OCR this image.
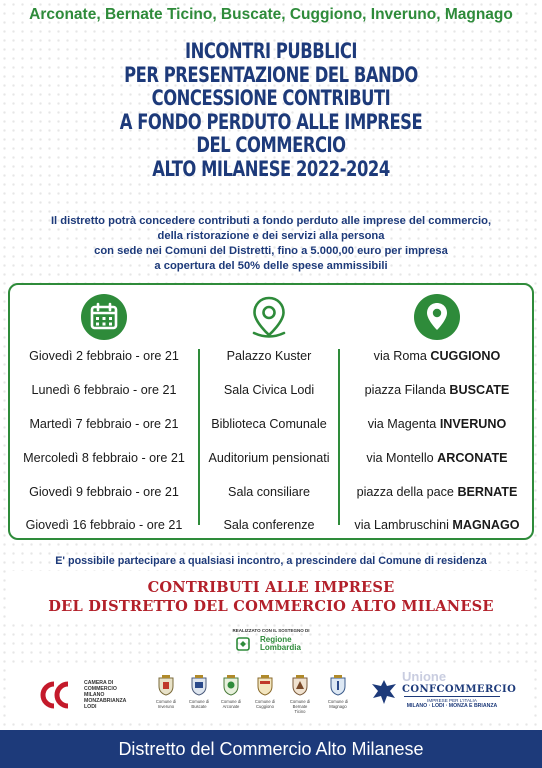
Arconate, Bernate Ticino, Buscate, Cuggiono, Inveruno, Magnago
INCONTRI PUBBLICI
PER PRESENTAZIONE DEL BANDO
CONCESSIONE CONTRIBUTI
A FONDO PERDUTO ALLE IMPRESE
DEL COMMERCIO
ALTO MILANESE 2022-2024
Il distretto potrà concedere contributi a fondo perduto alle imprese del commercio,
della ristorazione e dei servizi alla persona
con sede nei Comuni del Distretti, fino a 5.000,00 euro per impresa
a copertura del 50% delle spese ammissibili
Giovedì 2 febbraio - ore 21
Lunedì 6 febbraio - ore 21
Martedì 7 febbraio - ore 21
Mercoledì 8 febbraio - ore 21
Giovedì 9 febbraio - ore 21
Giovedì 16 febbraio - ore 21
Palazzo Kuster
Sala Civica Lodi
Biblioteca Comunale
Auditorium pensionati
Sala consiliare
Sala conferenze
via Roma CUGGIONO
piazza Filanda BUSCATE
via Magenta INVERUNO
via Montello ARCONATE
piazza della pace BERNATE
via Lambruschini MAGNAGO
E' possibile partecipare a qualsiasi incontro, a prescindere dal Comune di residenza
CONTRIBUTI ALLE IMPRESE
DEL DISTRETTO DEL COMMERCIO ALTO MILANESE
REALIZZATO CON IL SOSTEGNO DI
Regione
Lombardia
CAMERA DI
COMMERCIO
MILANO
MONZABRIANZA
LODI
Comune di
Inveruno
Comune di
Buscate
Comune di
Arconate
Comune di
Cuggiono
Comune di Bernate
Ticino
Comune di
Magnago
Unione
CONFCOMMERCIO
IMPRESE PER L'ITALIA
MILANO · LODI · MONZA E BRIANZA
Distretto del Commercio Alto Milanese
